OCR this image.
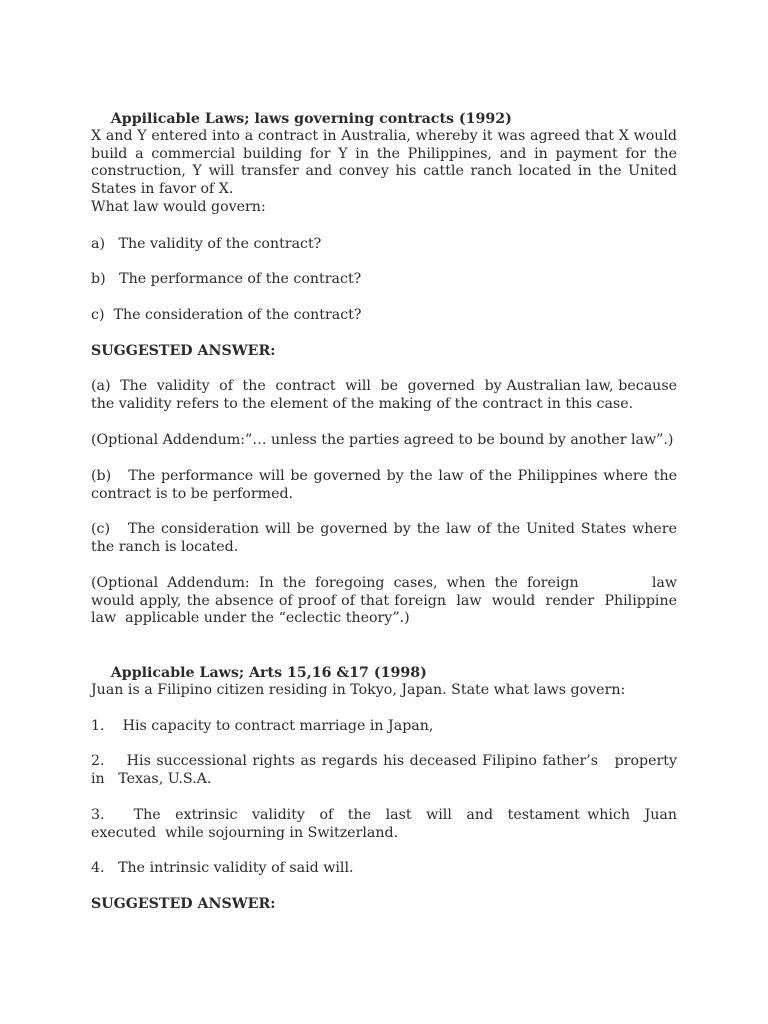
Appilicable Laws; laws governing contracts (1992)

X and Y entered into a contract in Australia, whereby it was agreed that X would build a commercial building for Y in the Philippines, and in payment for the construction, Y will transfer and convey his cattle ranch located in the United States in favor of X.
What law would govern:
a)   The validity of the contract?
b)   The performance of the contract?
c)  The consideration of the contract?
SUGGESTED ANSWER:
(a)  The  validity  of  the  contract  will  be  governed  by Australian law, because the validity refers to the element of the making of the contract in this case.
(Optional Addendum:”… unless the parties agreed to be bound by another law”.)
(b)   The performance will be governed by the law of the Philippines where the contract is to be performed.
(c)   The consideration will be governed by the law of the United States where the ranch is located.
(Optional Addendum: In the foregoing cases, when the foreign        law        would apply, the absence of proof of that foreign  law  would  render  Philippine  law  applicable under the “eclectic theory”.)

Applicable Laws; Arts 15,16 &17 (1998)

Juan is a Filipino citizen residing in Tokyo, Japan. State what laws govern:
1.    His capacity to contract marriage in Japan,
2.    His successional rights as regards his deceased Filipino father’s   property   in   Texas, U.S.A.
3.    The  extrinsic  validity  of  the  last  will  and  testament which  Juan  executed  while sojourning in Switzerland.
4.   The intrinsic validity of said will.
SUGGESTED ANSWER:
